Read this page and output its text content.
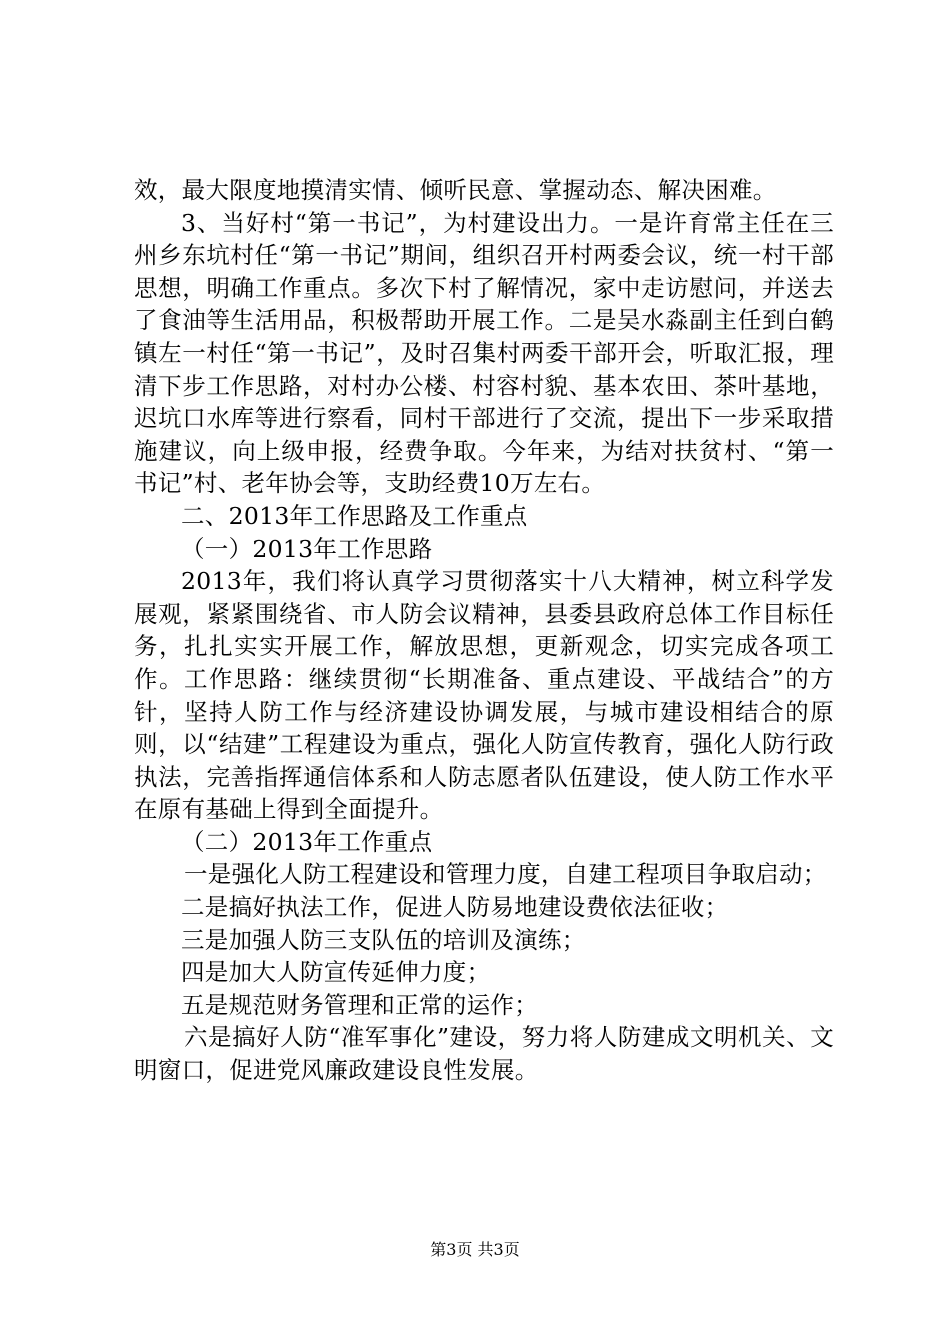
效，最大限度地摸清实情、倾听民意、掌握动态、解决困难。

3、当好村“第一书记”，为村建设出力。一是许育常主任在三州乡东坑村任“第一书记”期间，组织召开村两委会议，统一村干部思想，明确工作重点。多次下村了解情况，家中走访慰问，并送去了食油等生活用品，积极帮助开展工作。二是吴水淼副主任到白鹤镇左一村任“第一书记”，及时召集村两委干部开会，听取汇报，理清下步工作思路，对村办公楼、村容村貌、基本农田、茶叶基地，迟坑口水库等进行察看，同村干部进行了交流，提出下一步采取措施建议，向上级申报，经费争取。今年来，为结对扶贫村、“第一书记”村、老年协会等，支助经费10万左右。

二、2013年工作思路及工作重点

（一）2013年工作思路

2013年，我们将认真学习贯彻落实十八大精神，树立科学发展观，紧紧围绕省、市人防会议精神，县委县政府总体工作目标任务，扎扎实实开展工作，解放思想，更新观念，切实完成各项工作。工作思路：继续贯彻“长期准备、重点建设、平战结合”的方针，坚持人防工作与经济建设协调发展，与城市建设相结合的原则，以“结建”工程建设为重点，强化人防宣传教育，强化人防行政执法，完善指挥通信体系和人防志愿者队伍建设，使人防工作水平在原有基础上得到全面提升。

（二）2013年工作重点

一是强化人防工程建设和管理力度，自建工程项目争取启动；

二是搞好执法工作，促进人防易地建设费依法征收；

三是加强人防三支队伍的培训及演练；

四是加大人防宣传延伸力度；

五是规范财务管理和正常的运作；

六是搞好人防“准军事化”建设，努力将人防建成文明机关、文明窗口，促进党风廉政建设良性发展。

第3页 共3页
